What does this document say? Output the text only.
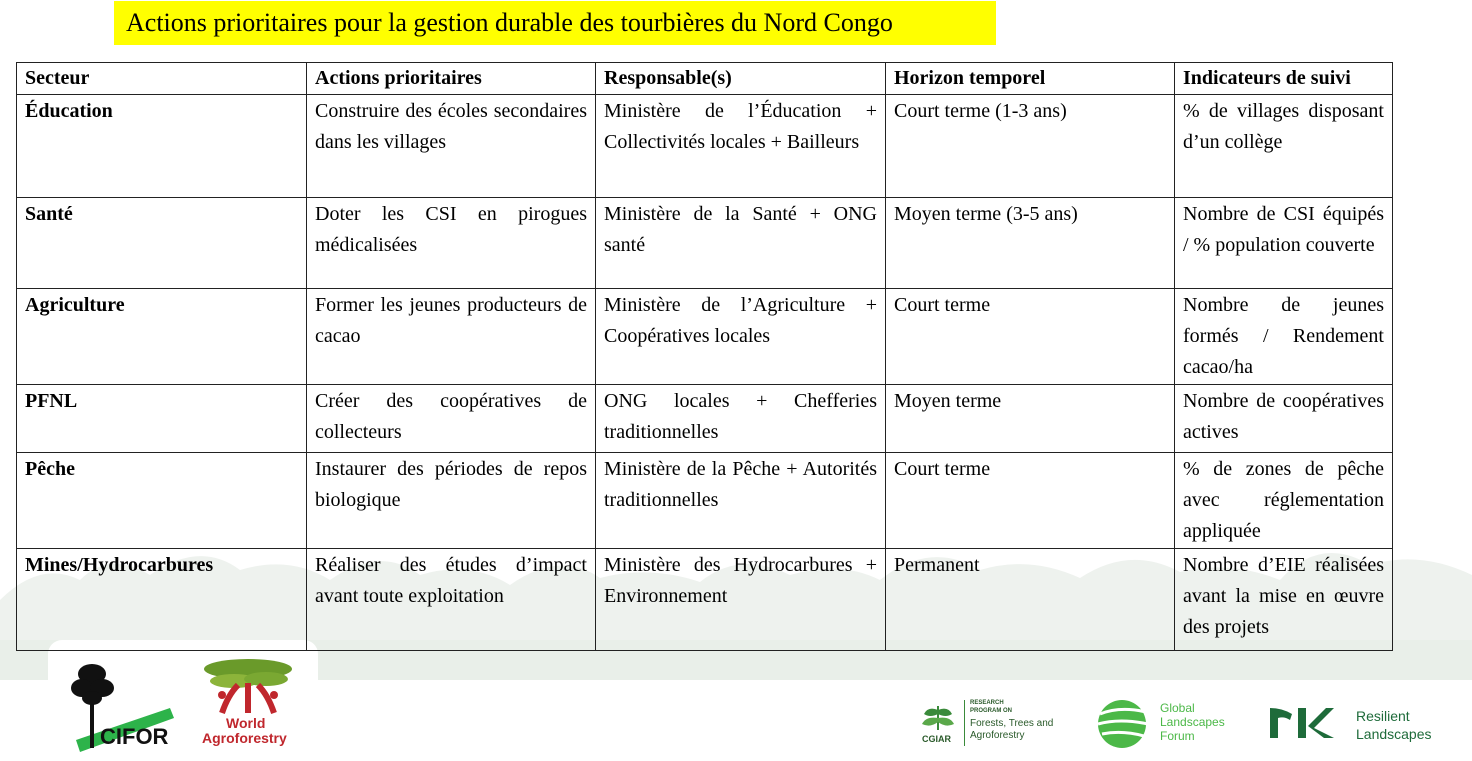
Actions prioritaires pour la gestion durable des tourbières du Nord Congo
Secteur	Actions prioritaires	Responsable(s)	Horizon temporel	Indicateurs de suivi
Éducation	Construire des écoles secondaires dans les villages	Ministère de l’Éducation + Collectivités locales + Bailleurs	Court terme (1-3 ans)	% de villages disposant d’un collège
Santé	Doter les CSI en pirogues médicalisées	Ministère de la Santé + ONG santé	Moyen terme (3-5 ans)	Nombre de CSI équipés / % population couverte
Agriculture	Former les jeunes producteurs de cacao	Ministère de l’Agriculture + Coopératives locales	Court terme	Nombre de jeunes formés / Rendement cacao/ha
PFNL	Créer des coopératives de collecteurs	ONG locales + Chefferies traditionnelles	Moyen terme	Nombre de coopératives actives
Pêche	Instaurer des périodes de repos biologique	Ministère de la Pêche + Autorités traditionnelles	Court terme	% de zones de pêche avec réglementation appliquée
Mines/Hydrocarbures	Réaliser des études d’impact avant toute exploitation	Ministère des Hydrocarbures + Environnement	Permanent	Nombre d’EIE réalisées avant la mise en œuvre des projets
CIFOR
World
Agroforestry	CGIAR
RESEARCH
PROGRAM ON
Forests, Trees and
Agroforestry
Global
Landscapes
Forum
Resilient
Landscapes
